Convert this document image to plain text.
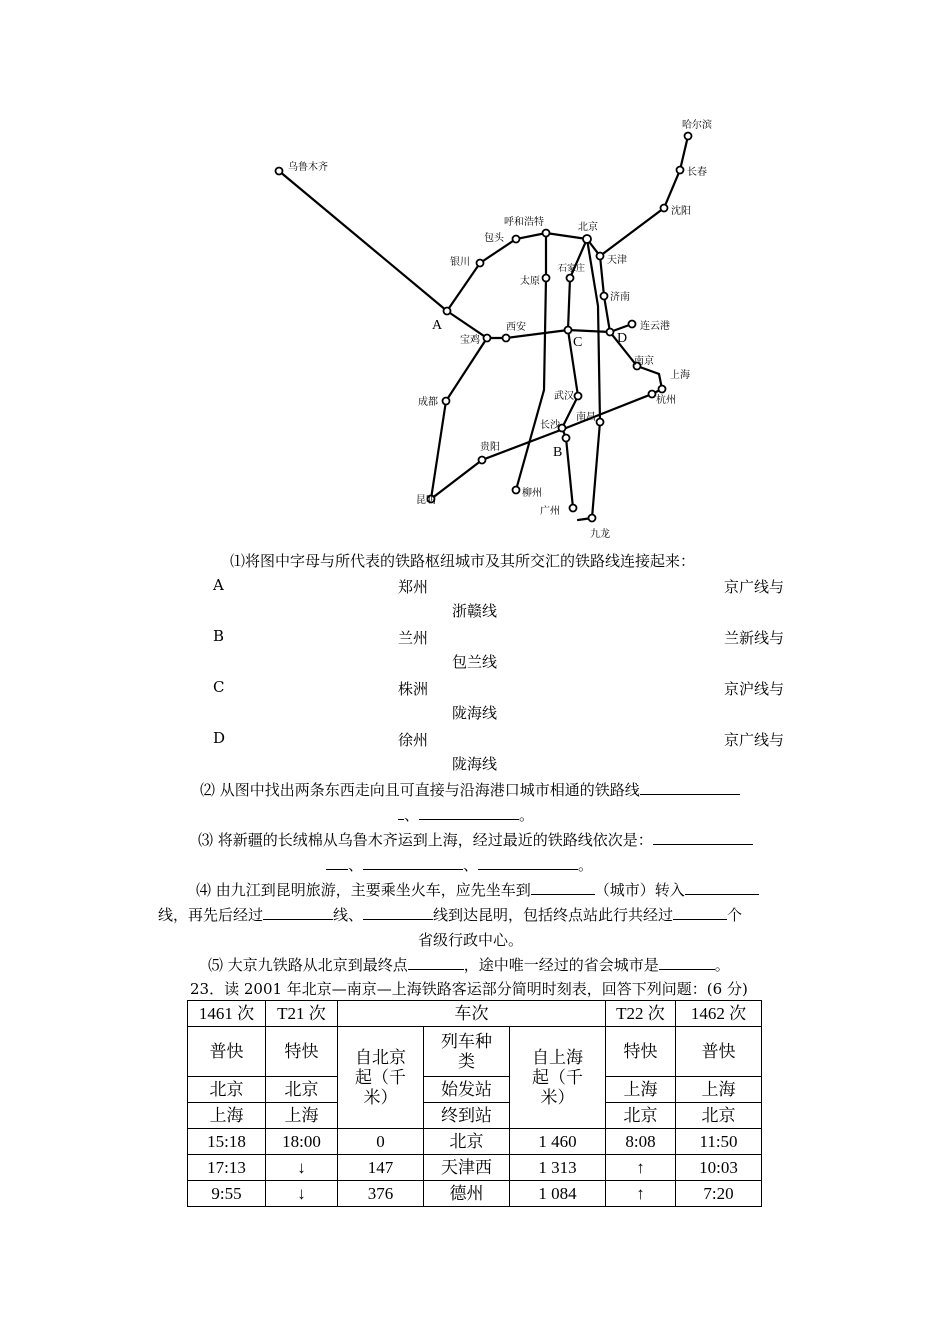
乌鲁木齐
哈尔滨
长春
沈阳
北京
呼和浩特
包头
银川	天津
太原
石家庄
济南
连云港
西安
宝鸡
南京
上海
杭州
武汉
成都
长沙
南昌
贵阳
昆明
柳州
广州
九龙
A
B
C D
⑴将图中字母与所代表的铁路枢纽城市及其所交汇的铁路线连接起来：
A	郑州	京广线与
浙赣线
B	兰州	兰新线与
包兰线
C	株洲	京沪线与
陇海线
D	徐州	京广线与
陇海线
⑵ 从图中找出两条东西走向且可直接与沿海港口城市相通的铁路线
、	。
⑶ 将新疆的长绒棉从乌鲁木齐运到上海，经过最近的铁路线依次是：
、	、	。
⑷ 由九江到昆明旅游，主要乘坐火车，应先坐车到	（城市）转入
线，再先后经过	线、	线到达昆明，包括终点站此行共经过	个
省级行政中心。
⑸ 大京九铁路从北京到最终点	，途中唯一经过的省会城市是	。
23．读 2001 年北京—南京—上海铁路客运部分简明时刻表，回答下列问题：(6 分)
1461 次	T21 次	车次			T22 次	1462 次
普快	特快	自北京起（千米）	列车种类	自上海起（千米）	特快	普快
北京	北京		始发站		上海	上海
上海	上海		终到站		北京	北京
15:18	18:00	0	北京	1 460	8:08	11:50
17:13	↓	147	天津西	1 313	↑	10:03
9:55	↓	376	德州	1 084	↑	7:20
